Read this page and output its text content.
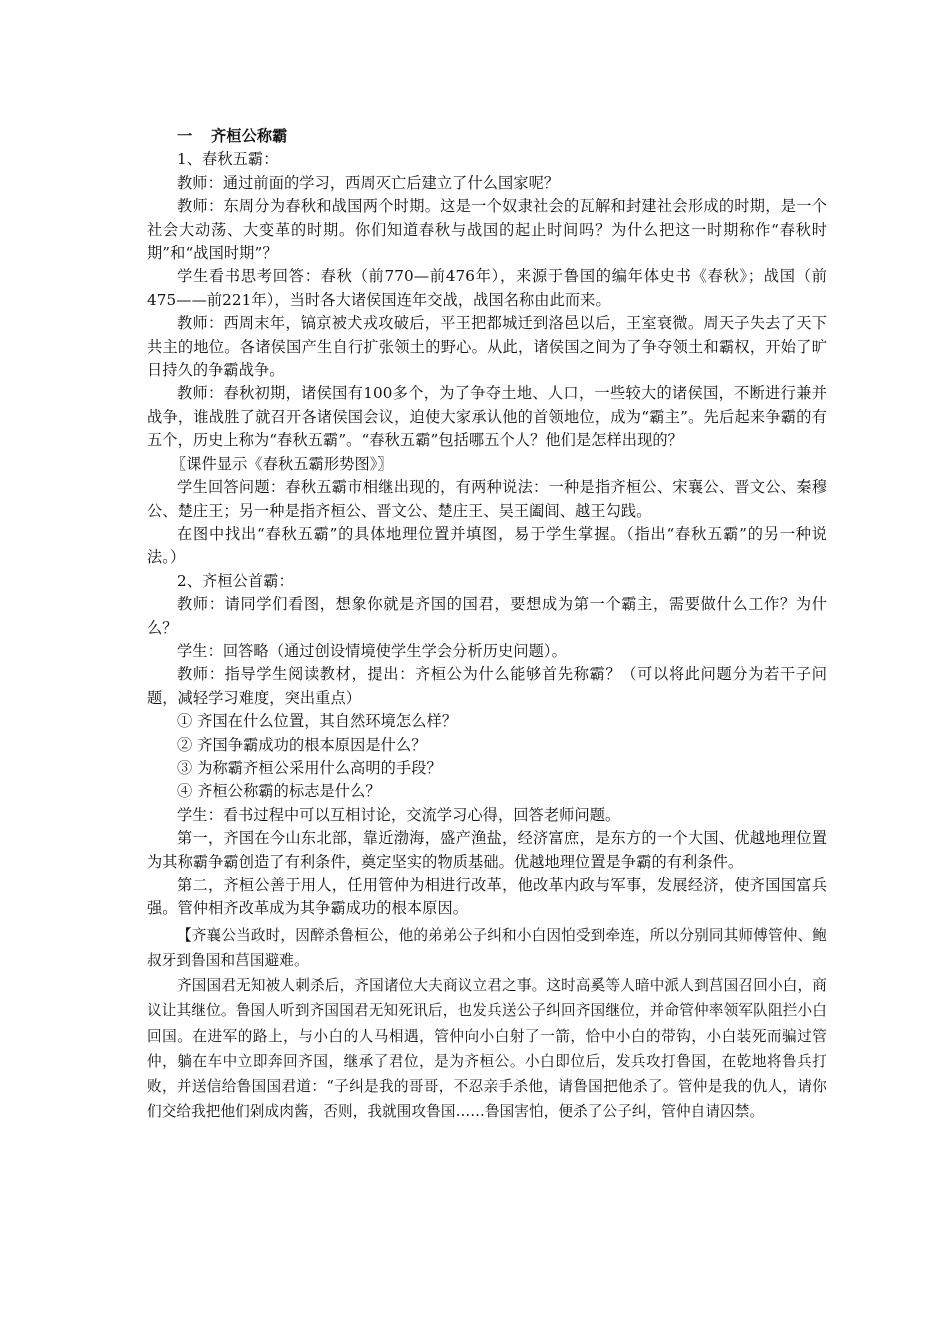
一 齐桓公称霸

1、春秋五霸：

教师：通过前面的学习，西周灭亡后建立了什么国家呢？

教师：东周分为春秋和战国两个时期。这是一个奴隶社会的瓦解和封建社会形成的时期，是一个社会大动荡、大变革的时期。你们知道春秋与战国的起止时间吗？为什么把这一时期称作“春秋时期”和“战国时期”？

学生看书思考回答：春秋（前770—前476年），来源于鲁国的编年体史书《春秋》；战国（前475——前221年），当时各大诸侯国连年交战，战国名称由此而来。

教师：西周末年，镐京被犬戎攻破后，平王把都城迁到洛邑以后，王室衰微。周天子失去了天下共主的地位。各诸侯国产生自行扩张领土的野心。从此，诸侯国之间为了争夺领土和霸权，开始了旷日持久的争霸战争。

教师：春秋初期，诸侯国有100多个，为了争夺土地、人口，一些较大的诸侯国，不断进行兼并战争，谁战胜了就召开各诸侯国会议，迫使大家承认他的首领地位，成为“霸主”。先后起来争霸的有五个，历史上称为“春秋五霸”。“春秋五霸”包括哪五个人？他们是怎样出现的？

〖课件显示《春秋五霸形势图》〗

学生回答问题：春秋五霸市相继出现的，有两种说法：一种是指齐桓公、宋襄公、晋文公、秦穆公、楚庄王；另一种是指齐桓公、晋文公、楚庄王、吴王阖闾、越王勾践。

在图中找出“春秋五霸”的具体地理位置并填图，易于学生掌握。（指出“春秋五霸”的另一种说法。）

2、齐桓公首霸：

教师：请同学们看图，想象你就是齐国的国君，要想成为第一个霸主，需要做什么工作？为什么？

学生：回答略（通过创设情境使学生学会分析历史问题）。

教师：指导学生阅读教材，提出：齐桓公为什么能够首先称霸？（可以将此问题分为若干子问题，减轻学习难度，突出重点）

① 齐国在什么位置，其自然环境怎么样？

② 齐国争霸成功的根本原因是什么？

③ 为称霸齐桓公采用什么高明的手段？

④ 齐桓公称霸的标志是什么？

学生：看书过程中可以互相讨论，交流学习心得，回答老师问题。

第一，齐国在今山东北部，靠近渤海，盛产渔盐，经济富庶，是东方的一个大国、优越地理位置为其称霸争霸创造了有利条件，奠定坚实的物质基础。优越地理位置是争霸的有利条件。

第二，齐桓公善于用人，任用管仲为相进行改革，他改革内政与军事，发展经济，使齐国国富兵强。管仲相齐改革成为其争霸成功的根本原因。

【齐襄公当政时，因醉杀鲁桓公，他的弟弟公子纠和小白因怕受到牵连，所以分别同其师傅管仲、鲍叔牙到鲁国和莒国避难。

齐国国君无知被人刺杀后，齐国诸位大夫商议立君之事。这时高奚等人暗中派人到莒国召回小白，商议让其继位。鲁国人听到齐国国君无知死讯后，也发兵送公子纠回齐国继位，并命管仲率领军队阻拦小白回国。在进军的路上，与小白的人马相遇，管仲向小白射了一箭，恰中小白的带钩，小白装死而骗过管仲，躺在车中立即奔回齐国，继承了君位，是为齐桓公。小白即位后，发兵攻打鲁国，在乾地将鲁兵打败，并送信给鲁国国君道：“子纠是我的哥哥，不忍亲手杀他，请鲁国把他杀了。管仲是我的仇人，请你们交给我把他们剁成肉酱，否则，我就围攻鲁国……鲁国害怕，便杀了公子纠，管仲自请囚禁。
